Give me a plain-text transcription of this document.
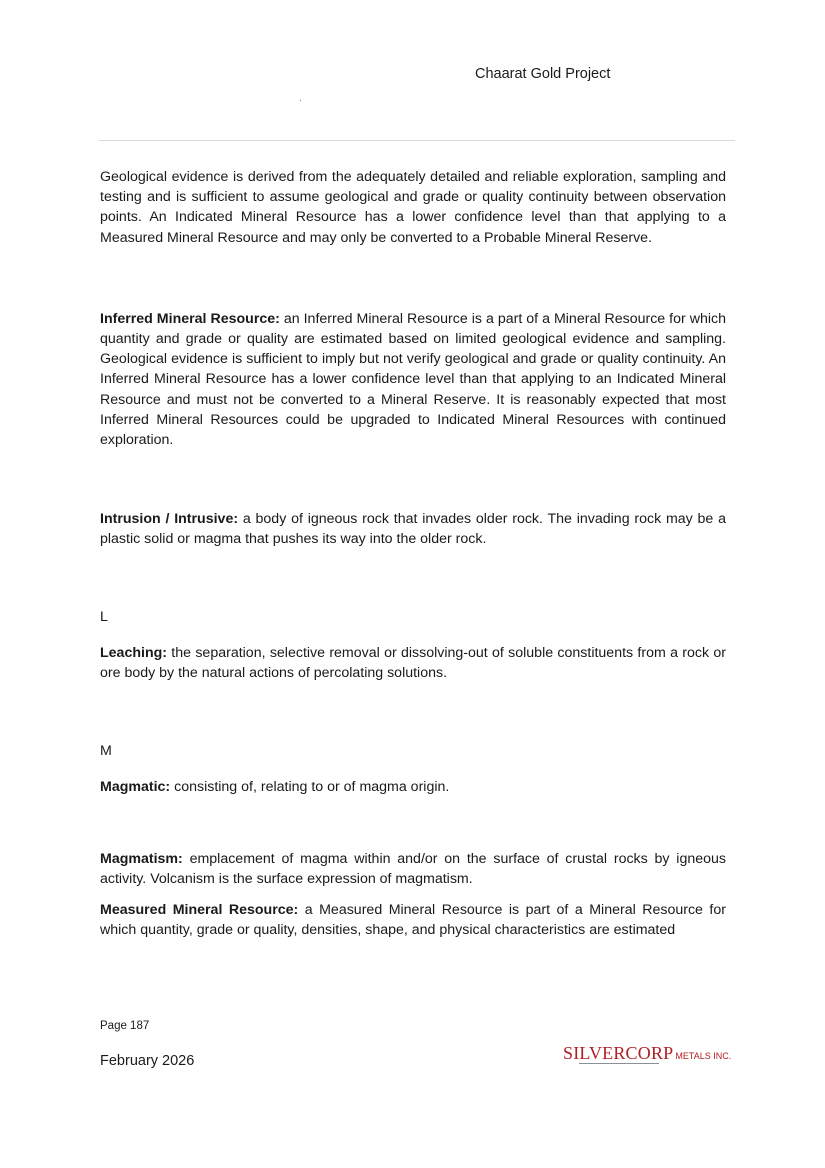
Chaarat Gold Project

Geological evidence is derived from the adequately detailed and reliable exploration, sampling and testing and is sufficient to assume geological and grade or quality continuity between observation points. An Indicated Mineral Resource has a lower confidence level than that applying to a Measured Mineral Resource and may only be converted to a Probable Mineral Reserve.

Inferred Mineral Resource: an Inferred Mineral Resource is a part of a Mineral Resource for which quantity and grade or quality are estimated based on limited geological evidence and sampling. Geological evidence is sufficient to imply but not verify geological and grade or quality continuity. An Inferred Mineral Resource has a lower confidence level than that applying to an Indicated Mineral Resource and must not be converted to a Mineral Reserve. It is reasonably expected that most Inferred Mineral Resources could be upgraded to Indicated Mineral Resources with continued exploration.

Intrusion / Intrusive: a body of igneous rock that invades older rock. The invading rock may be a plastic solid or magma that pushes its way into the older rock.

L

Leaching: the separation, selective removal or dissolving-out of soluble constituents from a rock or ore body by the natural actions of percolating solutions.

M

Magmatic: consisting of, relating to or of magma origin.

Magmatism: emplacement of magma within and/or on the surface of crustal rocks by igneous activity. Volcanism is the surface expression of magmatism.

Measured Mineral Resource: a Measured Mineral Resource is part of a Mineral Resource for which quantity, grade or quality, densities, shape, and physical characteristics are estimated

Page 187
February 2026	SILVERCORP METALS INC.
